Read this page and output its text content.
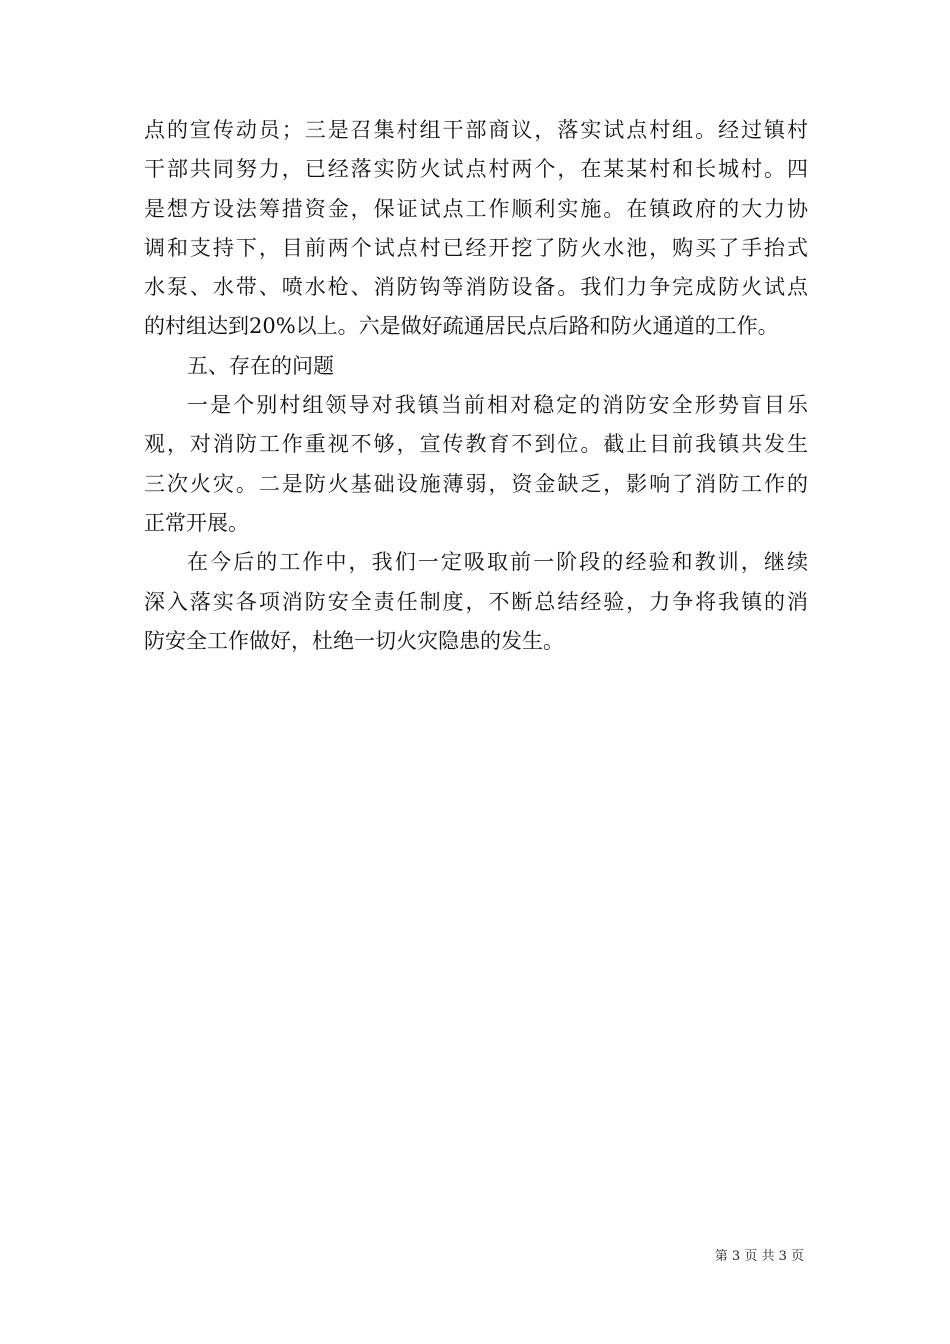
点的宣传动员；三是召集村组干部商议，落实试点村组。经过镇村
干部共同努力，已经落实防火试点村两个，在某某村和长城村。四
是想方设法筹措资金，保证试点工作顺利实施。在镇政府的大力协
调和支持下，目前两个试点村已经开挖了防火水池，购买了手抬式
水泵、水带、喷水枪、消防钩等消防设备。我们力争完成防火试点
的村组达到20%以上。六是做好疏通居民点后路和防火通道的工作。
五、存在的问题
一是个别村组领导对我镇当前相对稳定的消防安全形势盲目乐
观，对消防工作重视不够，宣传教育不到位。截止目前我镇共发生
三次火灾。二是防火基础设施薄弱，资金缺乏，影响了消防工作的
正常开展。
在今后的工作中，我们一定吸取前一阶段的经验和教训，继续
深入落实各项消防安全责任制度，不断总结经验，力争将我镇的消
防安全工作做好，杜绝一切火灾隐患的发生。
第 3 页 共 3 页
